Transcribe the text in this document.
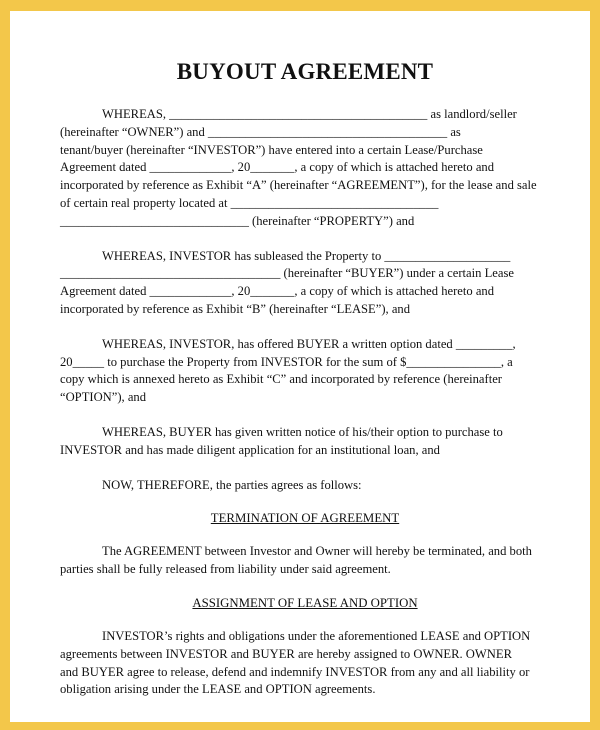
BUYOUT AGREEMENT
WHEREAS, _________________________________________ as landlord/seller
(hereinafter “OWNER”) and ______________________________________ as
tenant/buyer (hereinafter “INVESTOR”) have entered into a certain Lease/Purchase
Agreement dated _____________, 20_______, a copy of which is attached hereto and
incorporated by reference as Exhibit “A” (hereinafter “AGREEMENT”), for the lease and sale
of certain real property located at _________________________________
______________________________ (hereinafter “PROPERTY”) and
WHEREAS, INVESTOR has subleased the Property to ____________________
___________________________________ (hereinafter “BUYER”) under a certain Lease
Agreement dated _____________, 20_______, a copy of which is attached hereto and
incorporated by reference as Exhibit “B” (hereinafter “LEASE”), and
WHEREAS, INVESTOR, has offered BUYER a written option dated _________,
20_____ to purchase the Property from INVESTOR for the sum of $_______________, a
copy which is annexed hereto as Exhibit “C” and incorporated by reference (hereinafter
“OPTION”), and
WHEREAS, BUYER has given written notice of his/their option to purchase to
INVESTOR and has made diligent application for an institutional loan, and
NOW, THEREFORE, the parties agrees as follows:
TERMINATION OF AGREEMENT
The AGREEMENT between Investor and Owner will hereby be terminated, and both
parties shall be fully released from liability under said agreement.
ASSIGNMENT OF LEASE AND OPTION
INVESTOR’s rights and obligations under the aforementioned LEASE and OPTION
agreements between INVESTOR and BUYER are hereby assigned to OWNER. OWNER
and BUYER agree to release, defend and indemnify INVESTOR from any and all liability or
obligation arising under the LEASE and OPTION agreements.
